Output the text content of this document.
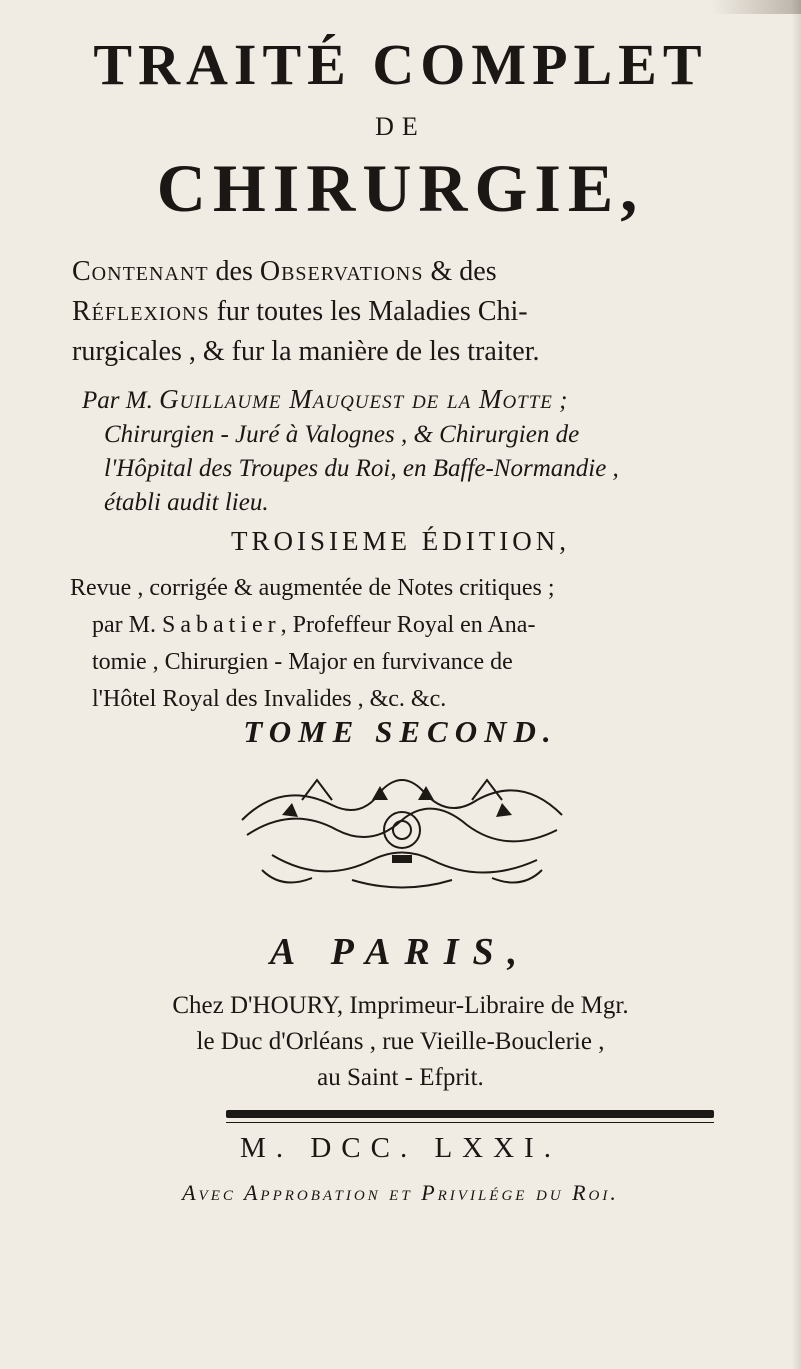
TRAITÉ COMPLET
DE
CHIRURGIE,
Contenant des Observations & des
Réflexions fur toutes les Maladies Chi-
rurgicales , & fur la manière de les traiter.
Par M. Guillaume Mauquest de la Motte ;
Chirurgien - Juré à Valognes , & Chirurgien de
l'Hôpital des Troupes du Roi, en Baffe-Normandie ,
établi audit lieu.
TROISIEME ÉDITION,
Revue , corrigée & augmentée de Notes critiques ;
par M. Sabatier, Profeffeur Royal en Ana-
tomie , Chirurgien - Major en furvivance de
l'Hôtel Royal des Invalides , &c. &c.
TOME SECOND.
A PARIS,
Chez D'HOURY, Imprimeur-Libraire de Mgr.
le Duc d'Orléans , rue Vieille-Bouclerie ,
au Saint - Efprit.
M. DCC. LXXI.
Avec Approbation et Privilége du Roi.
